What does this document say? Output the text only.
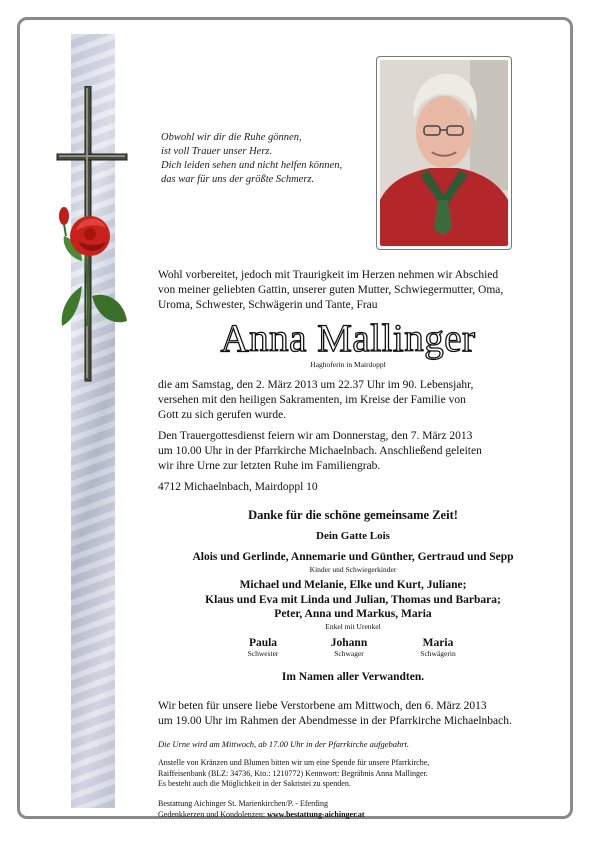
Obwohl wir dir die Ruhe gönnen,
ist voll Trauer unser Herz.
Dich leiden sehen und nicht helfen können,
das war für uns der größte Schmerz.
Wohl vorbereitet, jedoch mit Traurigkeit im Herzen nehmen wir Abschied
von meiner geliebten Gattin, unserer guten Mutter, Schwiegermutter, Oma,
Uroma, Schwester, Schwägerin und Tante, Frau
Anna Mallinger
Haghoferin in Mairdoppl
die am Samstag, den 2. März 2013 um 22.37 Uhr im 90. Lebensjahr,
versehen mit den heiligen Sakramenten, im Kreise der Familie von
Gott zu sich gerufen wurde.
Den Trauergottesdienst feiern wir am Donnerstag, den 7. März 2013
um 10.00 Uhr in der Pfarrkirche Michaelnbach. Anschließend geleiten
wir ihre Urne zur letzten Ruhe im Familiengrab.
4712 Michaelnbach, Mairdoppl 10
Danke für die schöne gemeinsame Zeit!
Dein Gatte Lois
Alois und Gerlinde, Annemarie und Günther, Gertraud und Sepp
Kinder und Schwiegerkinder
Michael und Melanie, Elke und Kurt, Juliane;
Klaus und Eva mit Linda und Julian, Thomas und Barbara;
Peter, Anna und Markus, Maria
Enkel mit Urenkel
Paula
Schwester
Johann
Schwager
Maria
Schwägerin
Im Namen aller Verwandten.
Wir beten für unsere liebe Verstorbene am Mittwoch, den 6. März 2013
um 19.00 Uhr im Rahmen der Abendmesse in der Pfarrkirche Michaelnbach.
Die Urne wird am Mittwoch, ab 17.00 Uhr in der Pfarrkirche aufgebahrt.
Anstelle von Kränzen und Blumen bitten wir um eine Spende für unsere Pfarrkirche,
Raiffeisenbank (BLZ: 34736, Kto.: 1210772) Kennwort: Begräbnis Anna Mallinger.
Es besteht auch die Möglichkeit in der Sakristei zu spenden.
Bestattung Aichinger St. Marienkirchen/P. - Eferding
Gedenkkerzen und Kondolenzen: www.bestattung-aichinger.at
